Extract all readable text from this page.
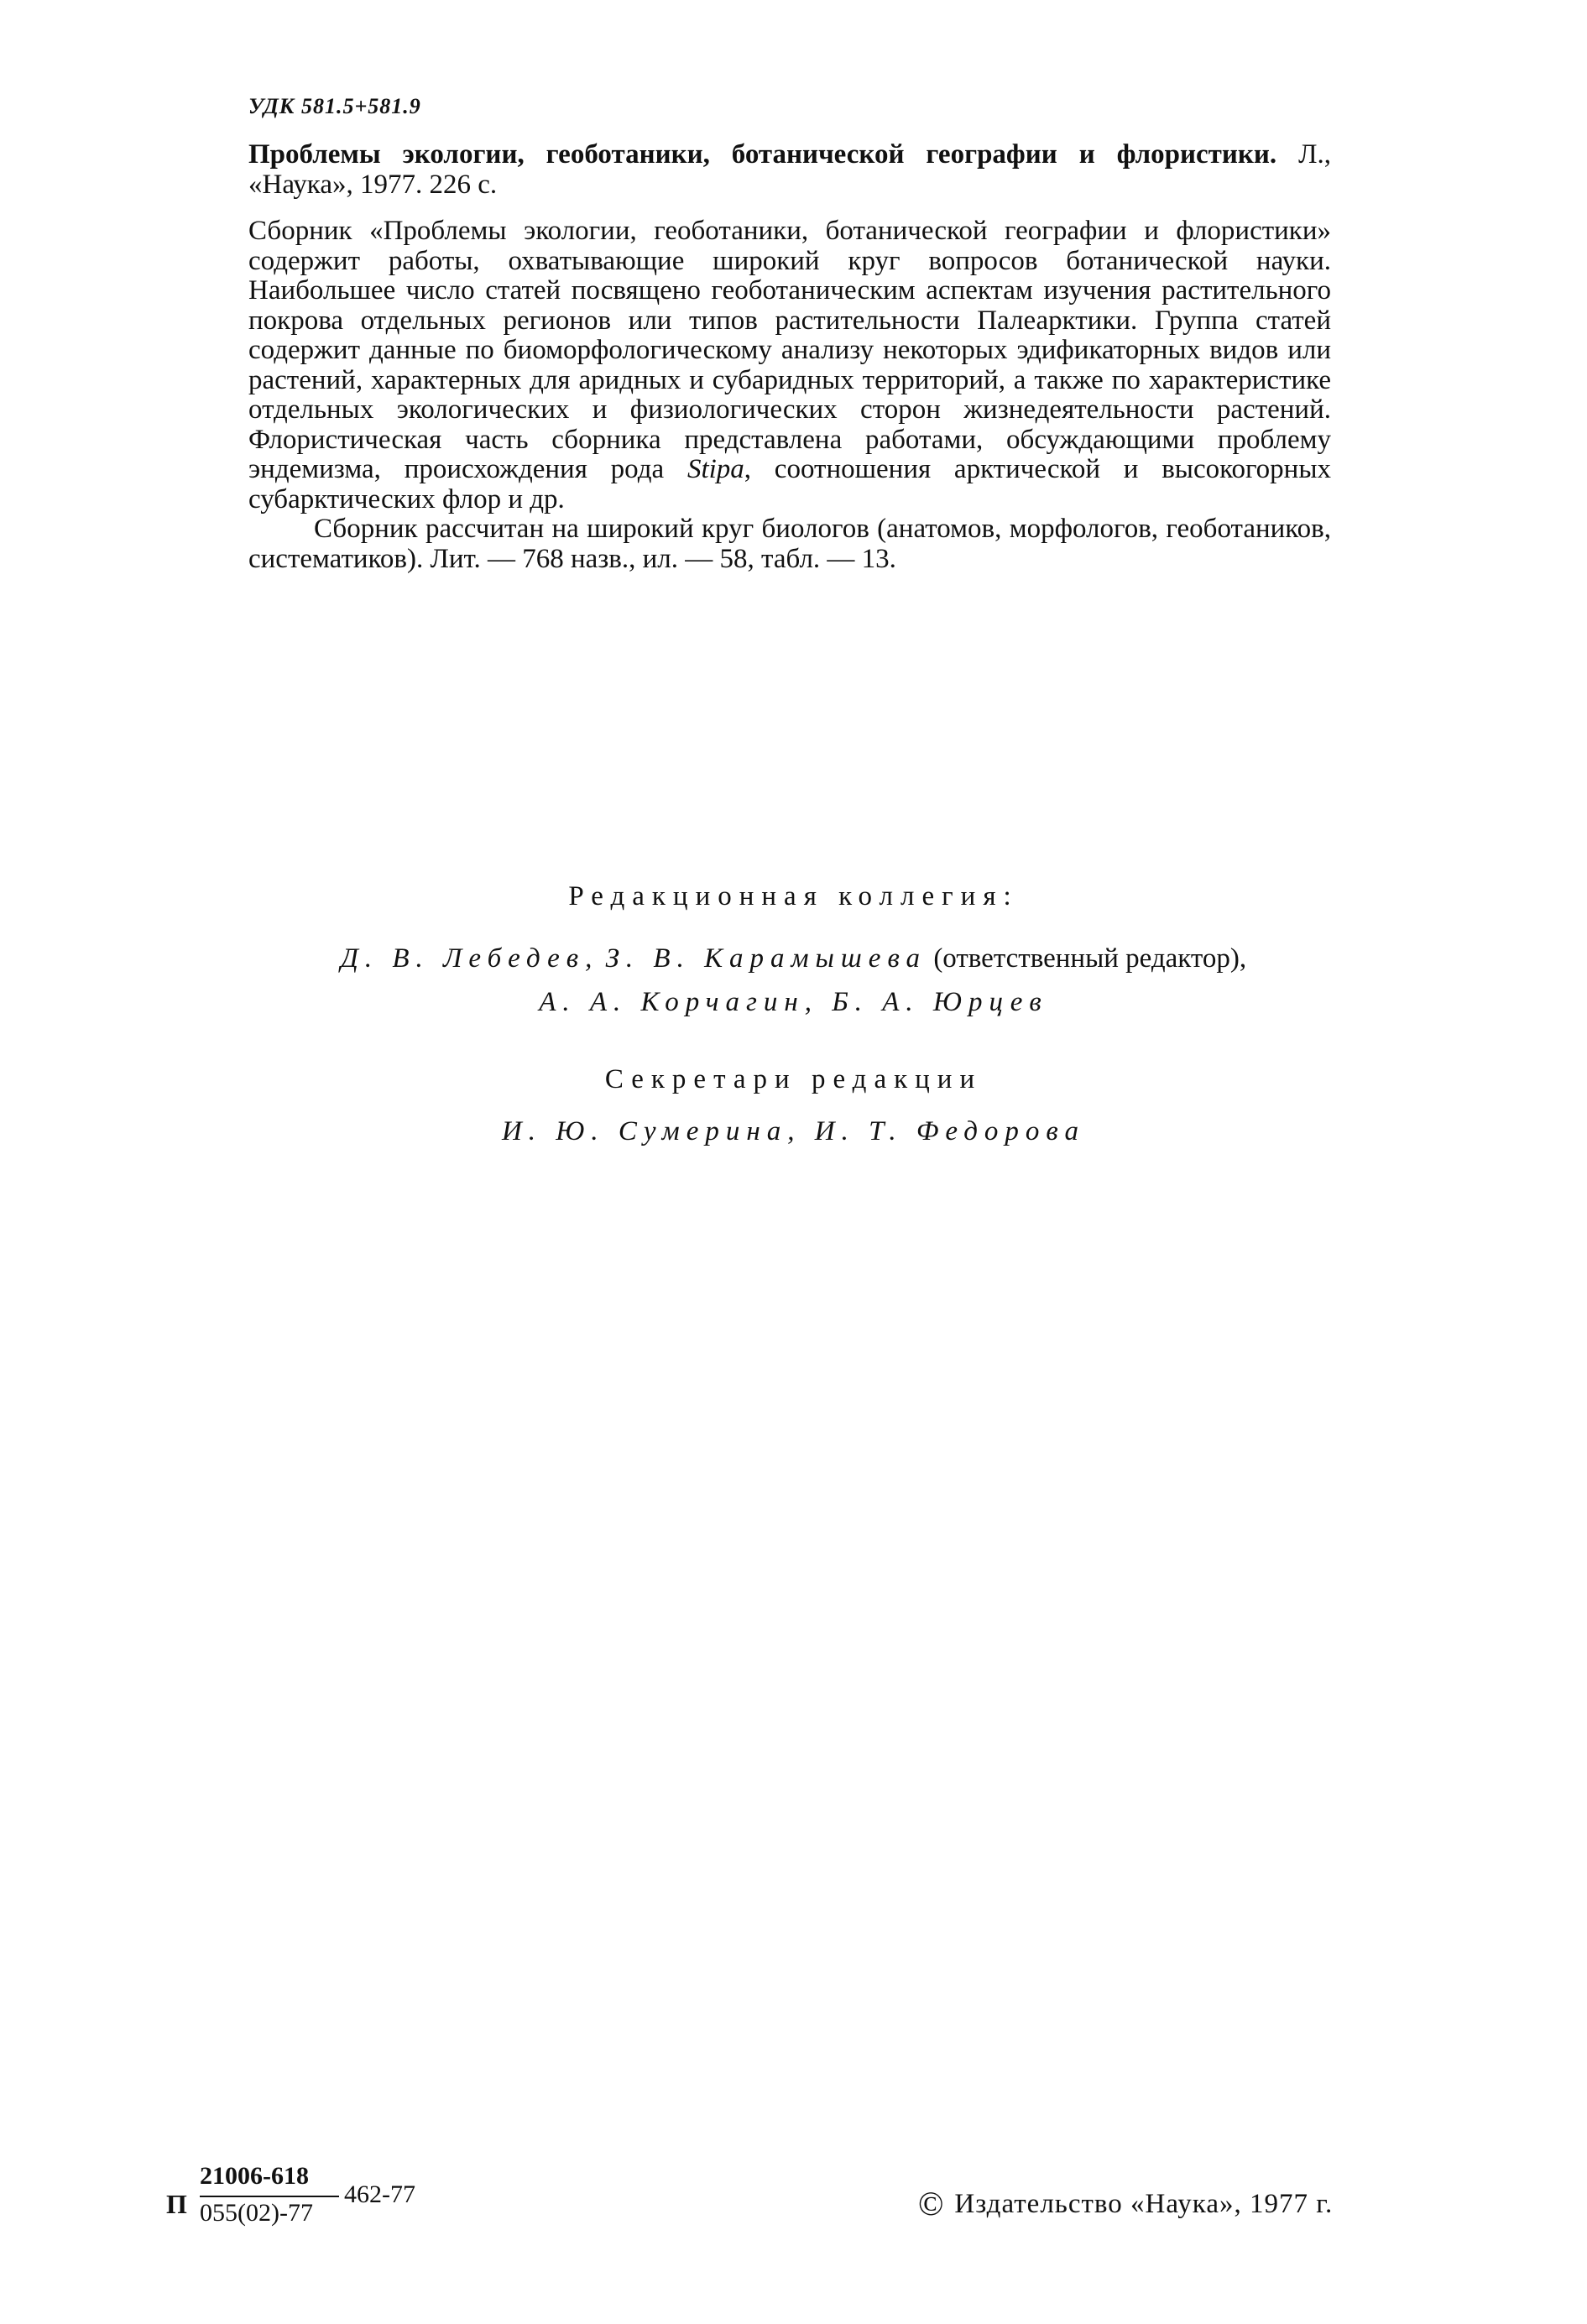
УДК 581.5+581.9
Проблемы экологии, геоботаники, ботанической географии и флористики. Л., «Наука», 1977. 226 с.

Сборник «Проблемы экологии, геоботаники, ботанической географии и флористики» содержит работы, охватывающие широкий круг вопросов ботанической науки. Наибольшее число статей посвящено геоботаническим аспектам изучения растительного покрова отдельных регионов или типов растительности Палеарктики. Группа статей содержит данные по биоморфологическому анализу некоторых эдификаторных видов или растений, характерных для аридных и субаридных территорий, а также по характеристике отдельных экологических и физиологических сторон жизнедеятельности растений. Флористическая часть сборника представлена работами, обсуждающими проблему эндемизма, происхождения рода Stipa, соотношения арктической и высокогорных субарктических флор и др.

Сборник рассчитан на широкий круг биологов (анатомов, морфологов, геоботаников, систематиков). Лит. — 768 назв., ил. — 58, табл. — 13.

Редакционная коллегия:
Д. В. Лебедев, З. В. Карамышева (ответственный редактор),
А. А. Корчагин, Б. А. Юрцев
Секретари редакции
И. Ю. Сумерина, И. Т. Федорова
П
21006-618
055(02)-77
462-77	© Издательство «Наука», 1977 г.
